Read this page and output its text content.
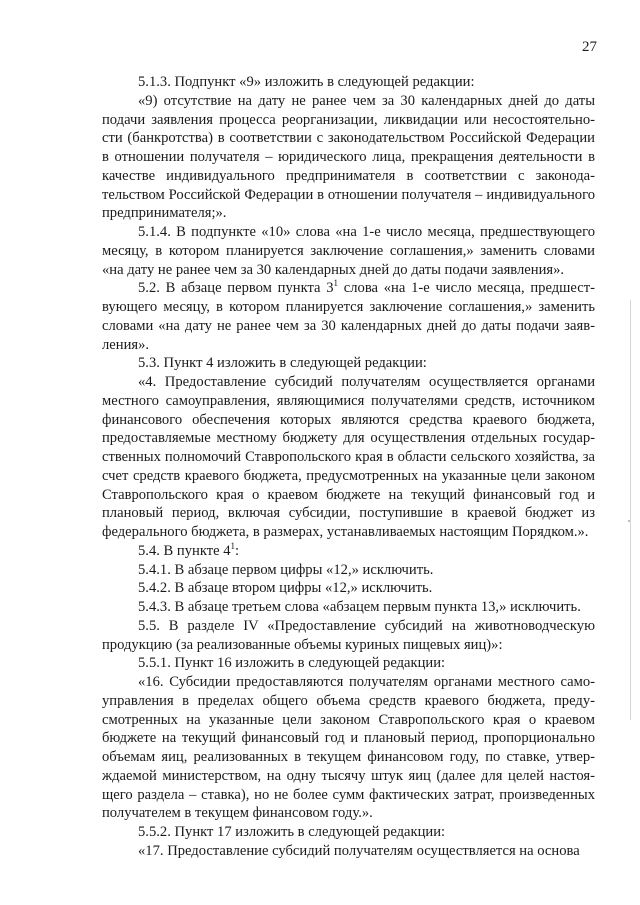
27

5.1.3. Подпункт «9» изложить в следующей редакции:

«9) отсутствие на дату не ранее чем за 30 календарных дней до даты подачи заявления процесса реорганизации, ликвидации или несостоятельности (банкротства) в соответствии с законодательством Российской Федерации в отношении получателя – юридического лица, прекращения деятельности в качестве индивидуального предпринимателя в соответствии с законодательством Российской Федерации в отношении получателя – индивидуального предпринимателя;».

5.1.4. В подпункте «10» слова «на 1-е число месяца, предшествующего месяцу, в котором планируется заключение соглашения,» заменить словами «на дату не ранее чем за 30 календарных дней до даты подачи заявления».

5.2. В абзаце первом пункта $3^1$ слова «на 1-е число месяца, предшествующего месяцу, в котором планируется заключение соглашения,» заменить словами «на дату не ранее чем за 30 календарных дней до даты подачи заявления».

5.3. Пункт 4 изложить в следующей редакции:

«4. Предоставление субсидий получателям осуществляется органами местного самоуправления, являющимися получателями средств, источником финансового обеспечения которых являются средства краевого бюджета, предоставляемые местному бюджету для осуществления отдельных государственных полномочий Ставропольского края в области сельского хозяйства, за счет средств краевого бюджета, предусмотренных на указанные цели законом Ставропольского края о краевом бюджете на текущий финансовый год и плановый период, включая субсидии, поступившие в краевой бюджет из федерального бюджета, в размерах, устанавливаемых настоящим Порядком.».

5.4. В пункте $4^1$:

5.4.1. В абзаце первом цифры «12,» исключить.

5.4.2. В абзаце втором цифры «12,» исключить.

5.4.3. В абзаце третьем слова «абзацем первым пункта 13,» исключить.

5.5. В разделе IV «Предоставление субсидий на животноводческую продукцию (за реализованные объемы куриных пищевых яиц)»:

5.5.1. Пункт 16 изложить в следующей редакции:

«16. Субсидии предоставляются получателям органами местного самоуправления в пределах общего объема средств краевого бюджета, предусмотренных на указанные цели законом Ставропольского края о краевом бюджете на текущий финансовый год и плановый период, пропорционально объемам яиц, реализованных в текущем финансовом году, по ставке, утверждаемой министерством, на одну тысячу штук яиц (далее для целей настоящего раздела – ставка), но не более сумм фактических затрат, произведенных получателем в текущем финансовом году.».

5.5.2. Пункт 17 изложить в следующей редакции:

«17. Предоставление субсидий получателям осуществляется на основа
